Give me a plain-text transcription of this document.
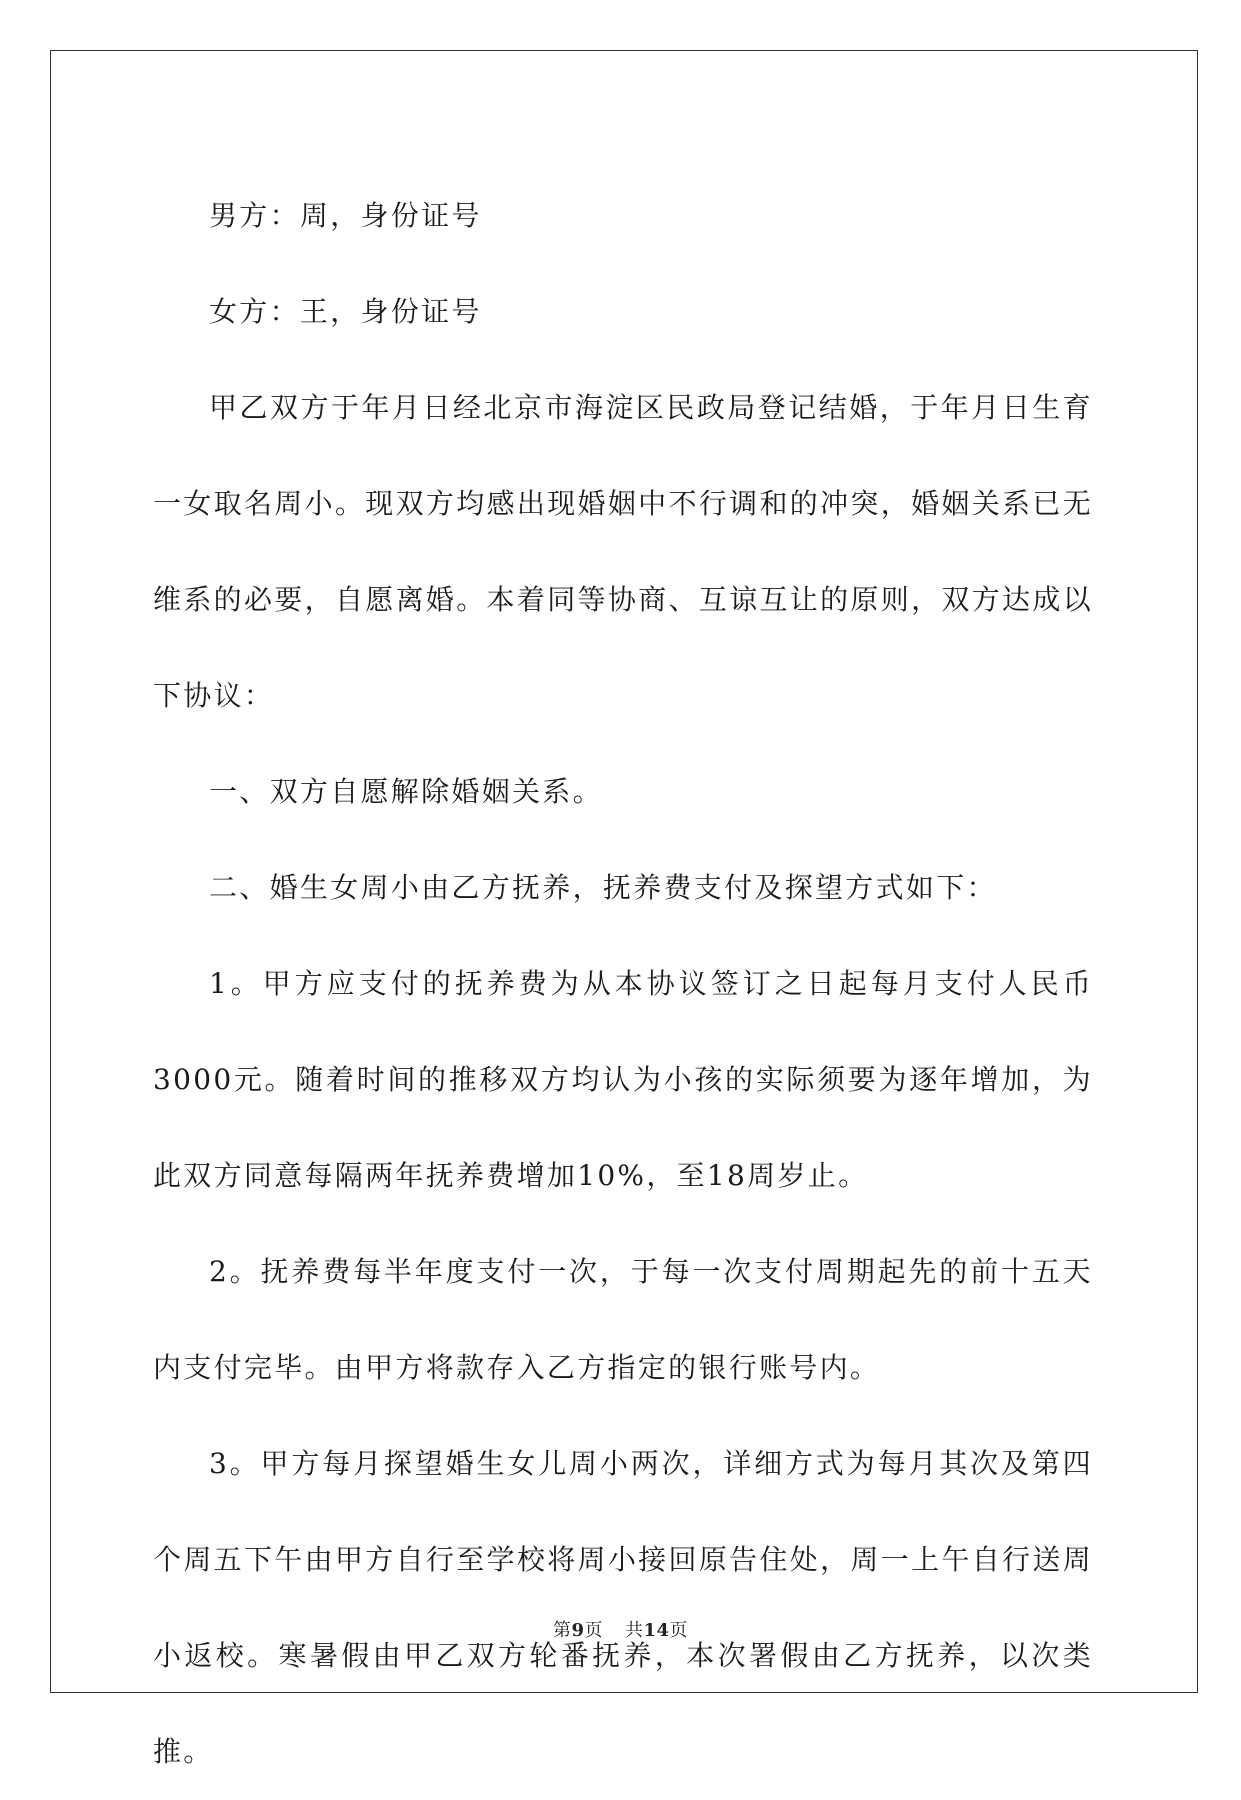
男方：周，身份证号

女方：王，身份证号

甲乙双方于年月日经北京市海淀区民政局登记结婚，于年月日生育一女取名周小。现双方均感出现婚姻中不行调和的冲突，婚姻关系已无维系的必要，自愿离婚。本着同等协商、互谅互让的原则，双方达成以下协议：

一、双方自愿解除婚姻关系。

二、婚生女周小由乙方抚养，抚养费支付及探望方式如下：

1。甲方应支付的抚养费为从本协议签订之日起每月支付人民币3000元。随着时间的推移双方均认为小孩的实际须要为逐年增加，为此双方同意每隔两年抚养费增加10%，至18周岁止。

2。抚养费每半年度支付一次，于每一次支付周期起先的前十五天内支付完毕。由甲方将款存入乙方指定的银行账号内。

3。甲方每月探望婚生女儿周小两次，详细方式为每月其次及第四个周五下午由甲方自行至学校将周小接回原告住处，周一上午自行送周小返校。寒暑假由甲乙双方轮番抚养，本次署假由乙方抚养，以次类推。

第9页 共14页
